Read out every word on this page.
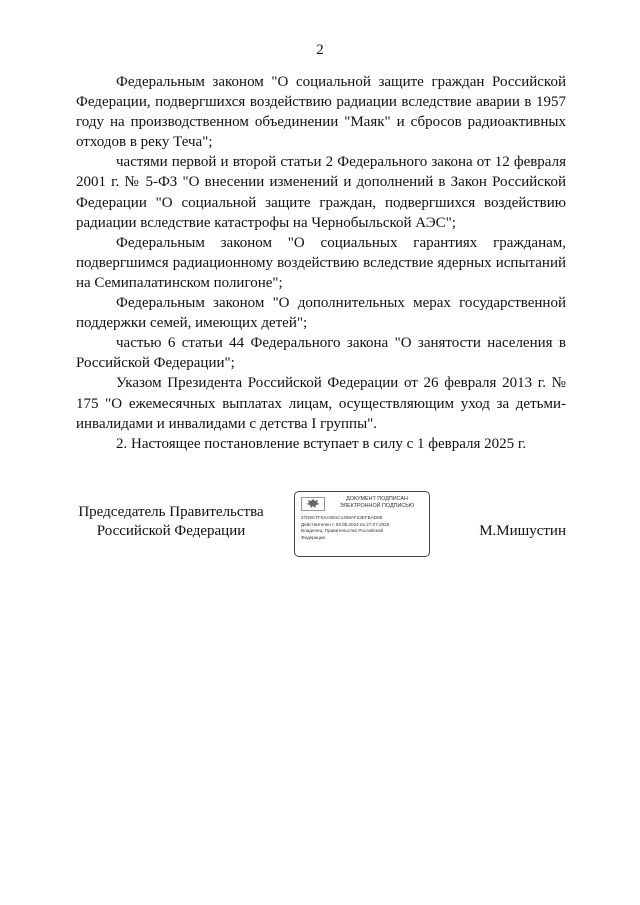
2

Федеральным законом "О социальной защите граждан Российской Федерации, подвергшихся воздействию радиации вследствие аварии в 1957 году на производственном объединении "Маяк" и сбросов радиоактивных отходов в реку Теча";

частями первой и второй статьи 2 Федерального закона от 12 февраля 2001 г. № 5-ФЗ "О внесении изменений и дополнений в Закон Российской Федерации "О социальной защите граждан, подвергшихся воздействию радиации вследствие катастрофы на Чернобыльской АЭС";

Федеральным законом "О социальных гарантиях гражданам, подвергшимся радиационному воздействию вследствие ядерных испытаний на Семипалатинском полигоне";

Федеральным законом "О дополнительных мерах государственной поддержки семей, имеющих детей";

частью 6 статьи 44 Федерального закона "О занятости населения в Российской Федерации";

Указом Президента Российской Федерации от 26 февраля 2013 г. № 175 "О ежемесячных выплатах лицам, осуществляющим уход за детьми-инвалидами и инвалидами с детства I группы".

2. Настоящее постановление вступает в силу с 1 февраля 2025 г.

Председатель Правительства
Российской Федерации
ДОКУМЕНТ ПОДПИСАН
ЭЛЕКТРОННОЙ ПОДПИСЬЮ
27D8CTF0AA091C1468AF23EFBAD06
Действителен с 03.05.2024 по 27.07.2025
Владелец: Правительство Российской
Федерации	М.Мишустин
